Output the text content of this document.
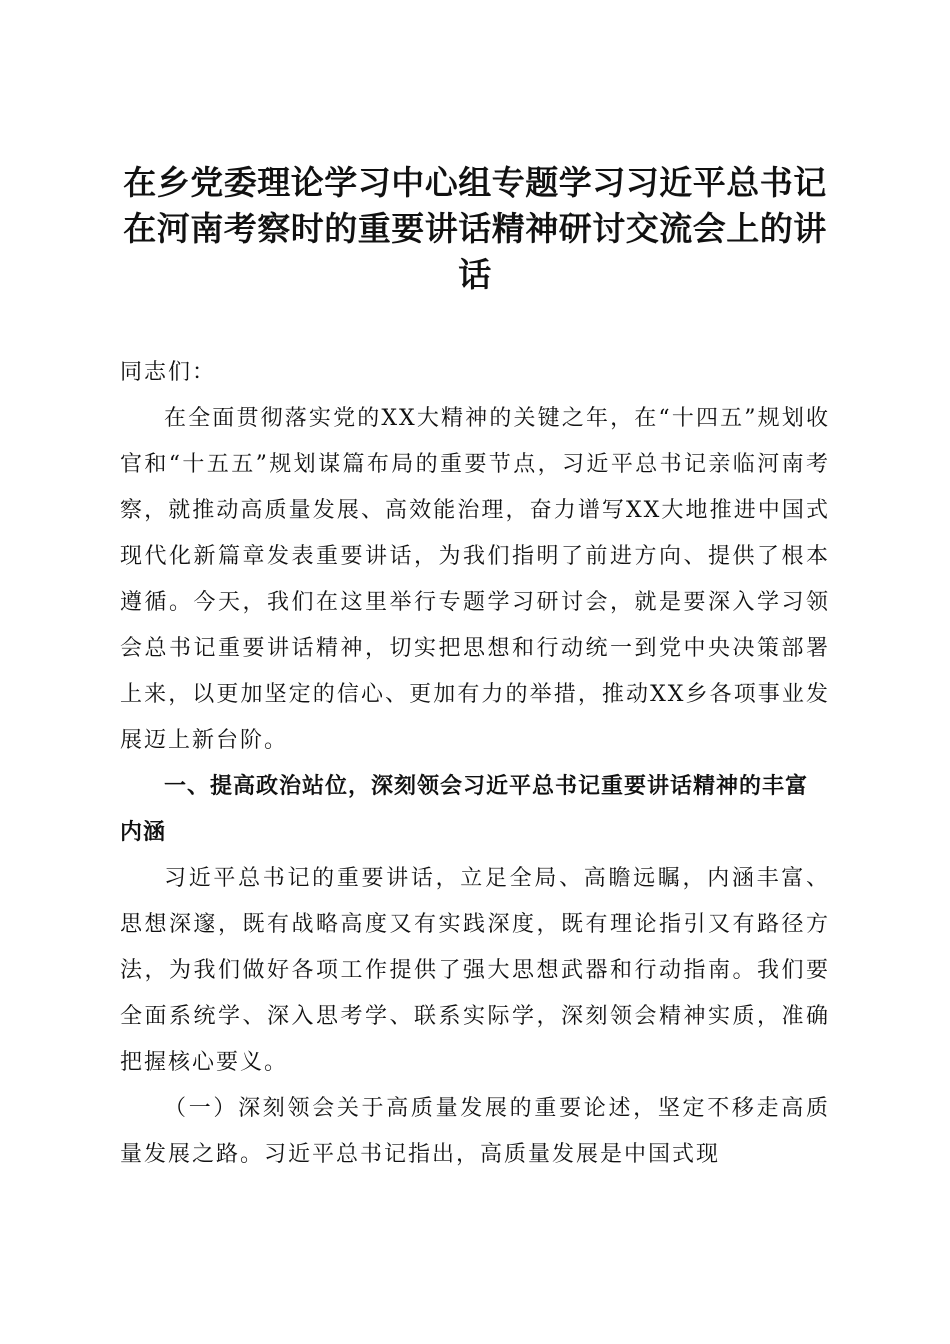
在乡党委理论学习中心组专题学习习近平总书记在河南考察时的重要讲话精神研讨交流会上的讲话

同志们：

在全面贯彻落实党的XX大精神的关键之年，在“十四五”规划收官和“十五五”规划谋篇布局的重要节点，习近平总书记亲临河南考察，就推动高质量发展、高效能治理，奋力谱写XX大地推进中国式现代化新篇章发表重要讲话，为我们指明了前进方向、提供了根本遵循。今天，我们在这里举行专题学习研讨会，就是要深入学习领会总书记重要讲话精神，切实把思想和行动统一到党中央决策部署上来，以更加坚定的信心、更加有力的举措，推动XX乡各项事业发展迈上新台阶。

一、提高政治站位，深刻领会习近平总书记重要讲话精神的丰富内涵

习近平总书记的重要讲话，立足全局、高瞻远瞩，内涵丰富、思想深邃，既有战略高度又有实践深度，既有理论指引又有路径方法，为我们做好各项工作提供了强大思想武器和行动指南。我们要全面系统学、深入思考学、联系实际学，深刻领会精神实质，准确把握核心要义。

（一）深刻领会关于高质量发展的重要论述，坚定不移走高质量发展之路。习近平总书记指出，高质量发展是中国式现
